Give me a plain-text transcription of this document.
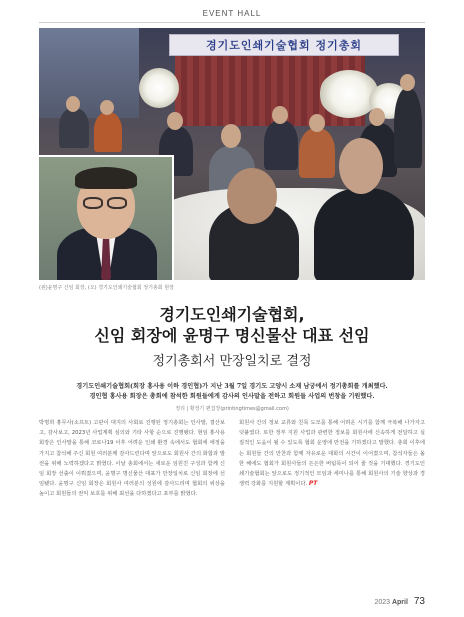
EVENT HALL
경기도인쇄기술협회 정기총회
(왼)윤명구 신임 회장, (오) 경기도인쇄기술협회 정기총회 현장
경기도인쇄기술협회,
신임 회장에 윤명구 명신물산 대표 선임
정기총회서 만장일치로 결정
경기도인쇄기술협회(회장 홍사용 이하 경인협)가 지난 3월 7일 경기도 고양시 소재 남궁에서 정기총회를 개최했다.
경인협 홍사용 회장은 총회에 참석한 회원들에게 감사의 인사말을 전하고 회원들 사업의 번창을 기원했다.
정리 | 황정기 편집장(printingtimes@gmail.com)

박명희 홍무사(소프트) 고관이 대지의 사회로 진행된 정기총회는 인사말, 결산보고, 감사보고, 2023년 사업계획 심의와 기타 사항 순으로 진행됐다. 현임 홍사용 회장은 인사말을 통해 코로나19 이후 어려운 인쇄 환경 속에서도 협회에 애정을 가지고 참석해 주신 회원 여러분께 감사드린다며 앞으로도 회원사 간의 화합과 발전을 위해 노력하겠다고 밝혔다. 이날 총회에서는 새로운 임원진 구성과 함께 신임 회장 선출이 이뤄졌으며, 윤명구 명신물산 대표가 만장일치로 신임 회장에 선임됐다. 윤명구 신임 회장은 회원사 여러분의 성원에 감사드리며 협회의 위상을 높이고 회원들의 권익 보호를 위해 최선을 다하겠다고 포부를 밝혔다.

회원사 간의 정보 교류와 친목 도모를 통해 어려운 시기를 함께 극복해 나가자고 덧붙였다. 또한 정부 지원 사업과 관련한 정보를 회원사에 신속하게 전달하고 실질적인 도움이 될 수 있도록 협회 운영에 만전을 기하겠다고 말했다. 총회 이후에는 회원들 간의 만찬과 함께 자유로운 대화의 시간이 이어졌으며, 참석자들은 올 한 해에도 협회가 회원사들의 든든한 버팀목이 되어 줄 것을 기대했다. 경기도인쇄기술협회는 앞으로도 정기적인 모임과 세미나를 통해 회원사의 기술 향상과 경쟁력 강화를 지원할 계획이다. PT

2023 April 73
